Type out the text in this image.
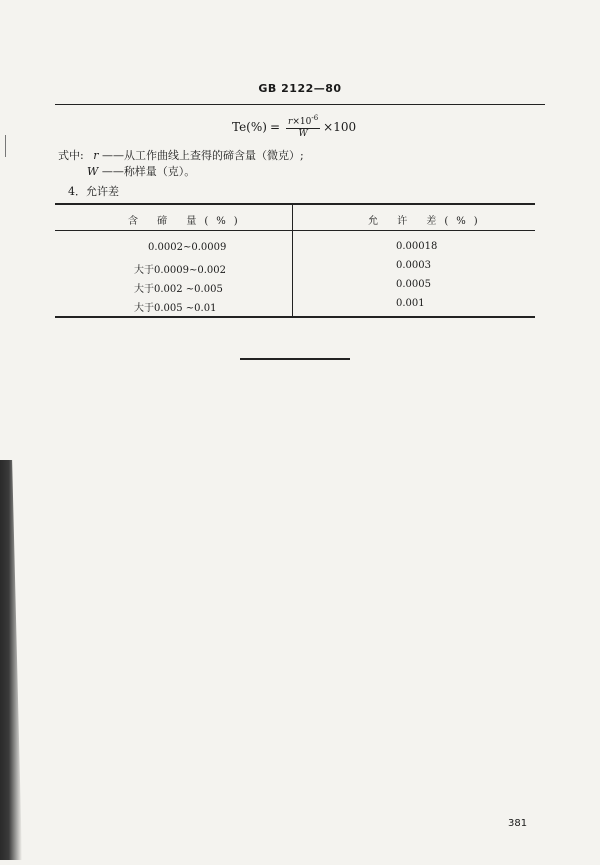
GB 2122—80
$Te(\%) = \frac{r\times 10^{-6}}{W} \times 100$
式中: r ——从工作曲线上查得的碲含量（微克）;
W ——称样量（克）。
4．允许差
含 碲 量(%)	允 许 差(%)
0.0002~0.0009	0.00018
大于0.0009~0.002	0.0003
大于0.002 ~0.005	0.0005
大于0.005 ~0.01	0.001
381
